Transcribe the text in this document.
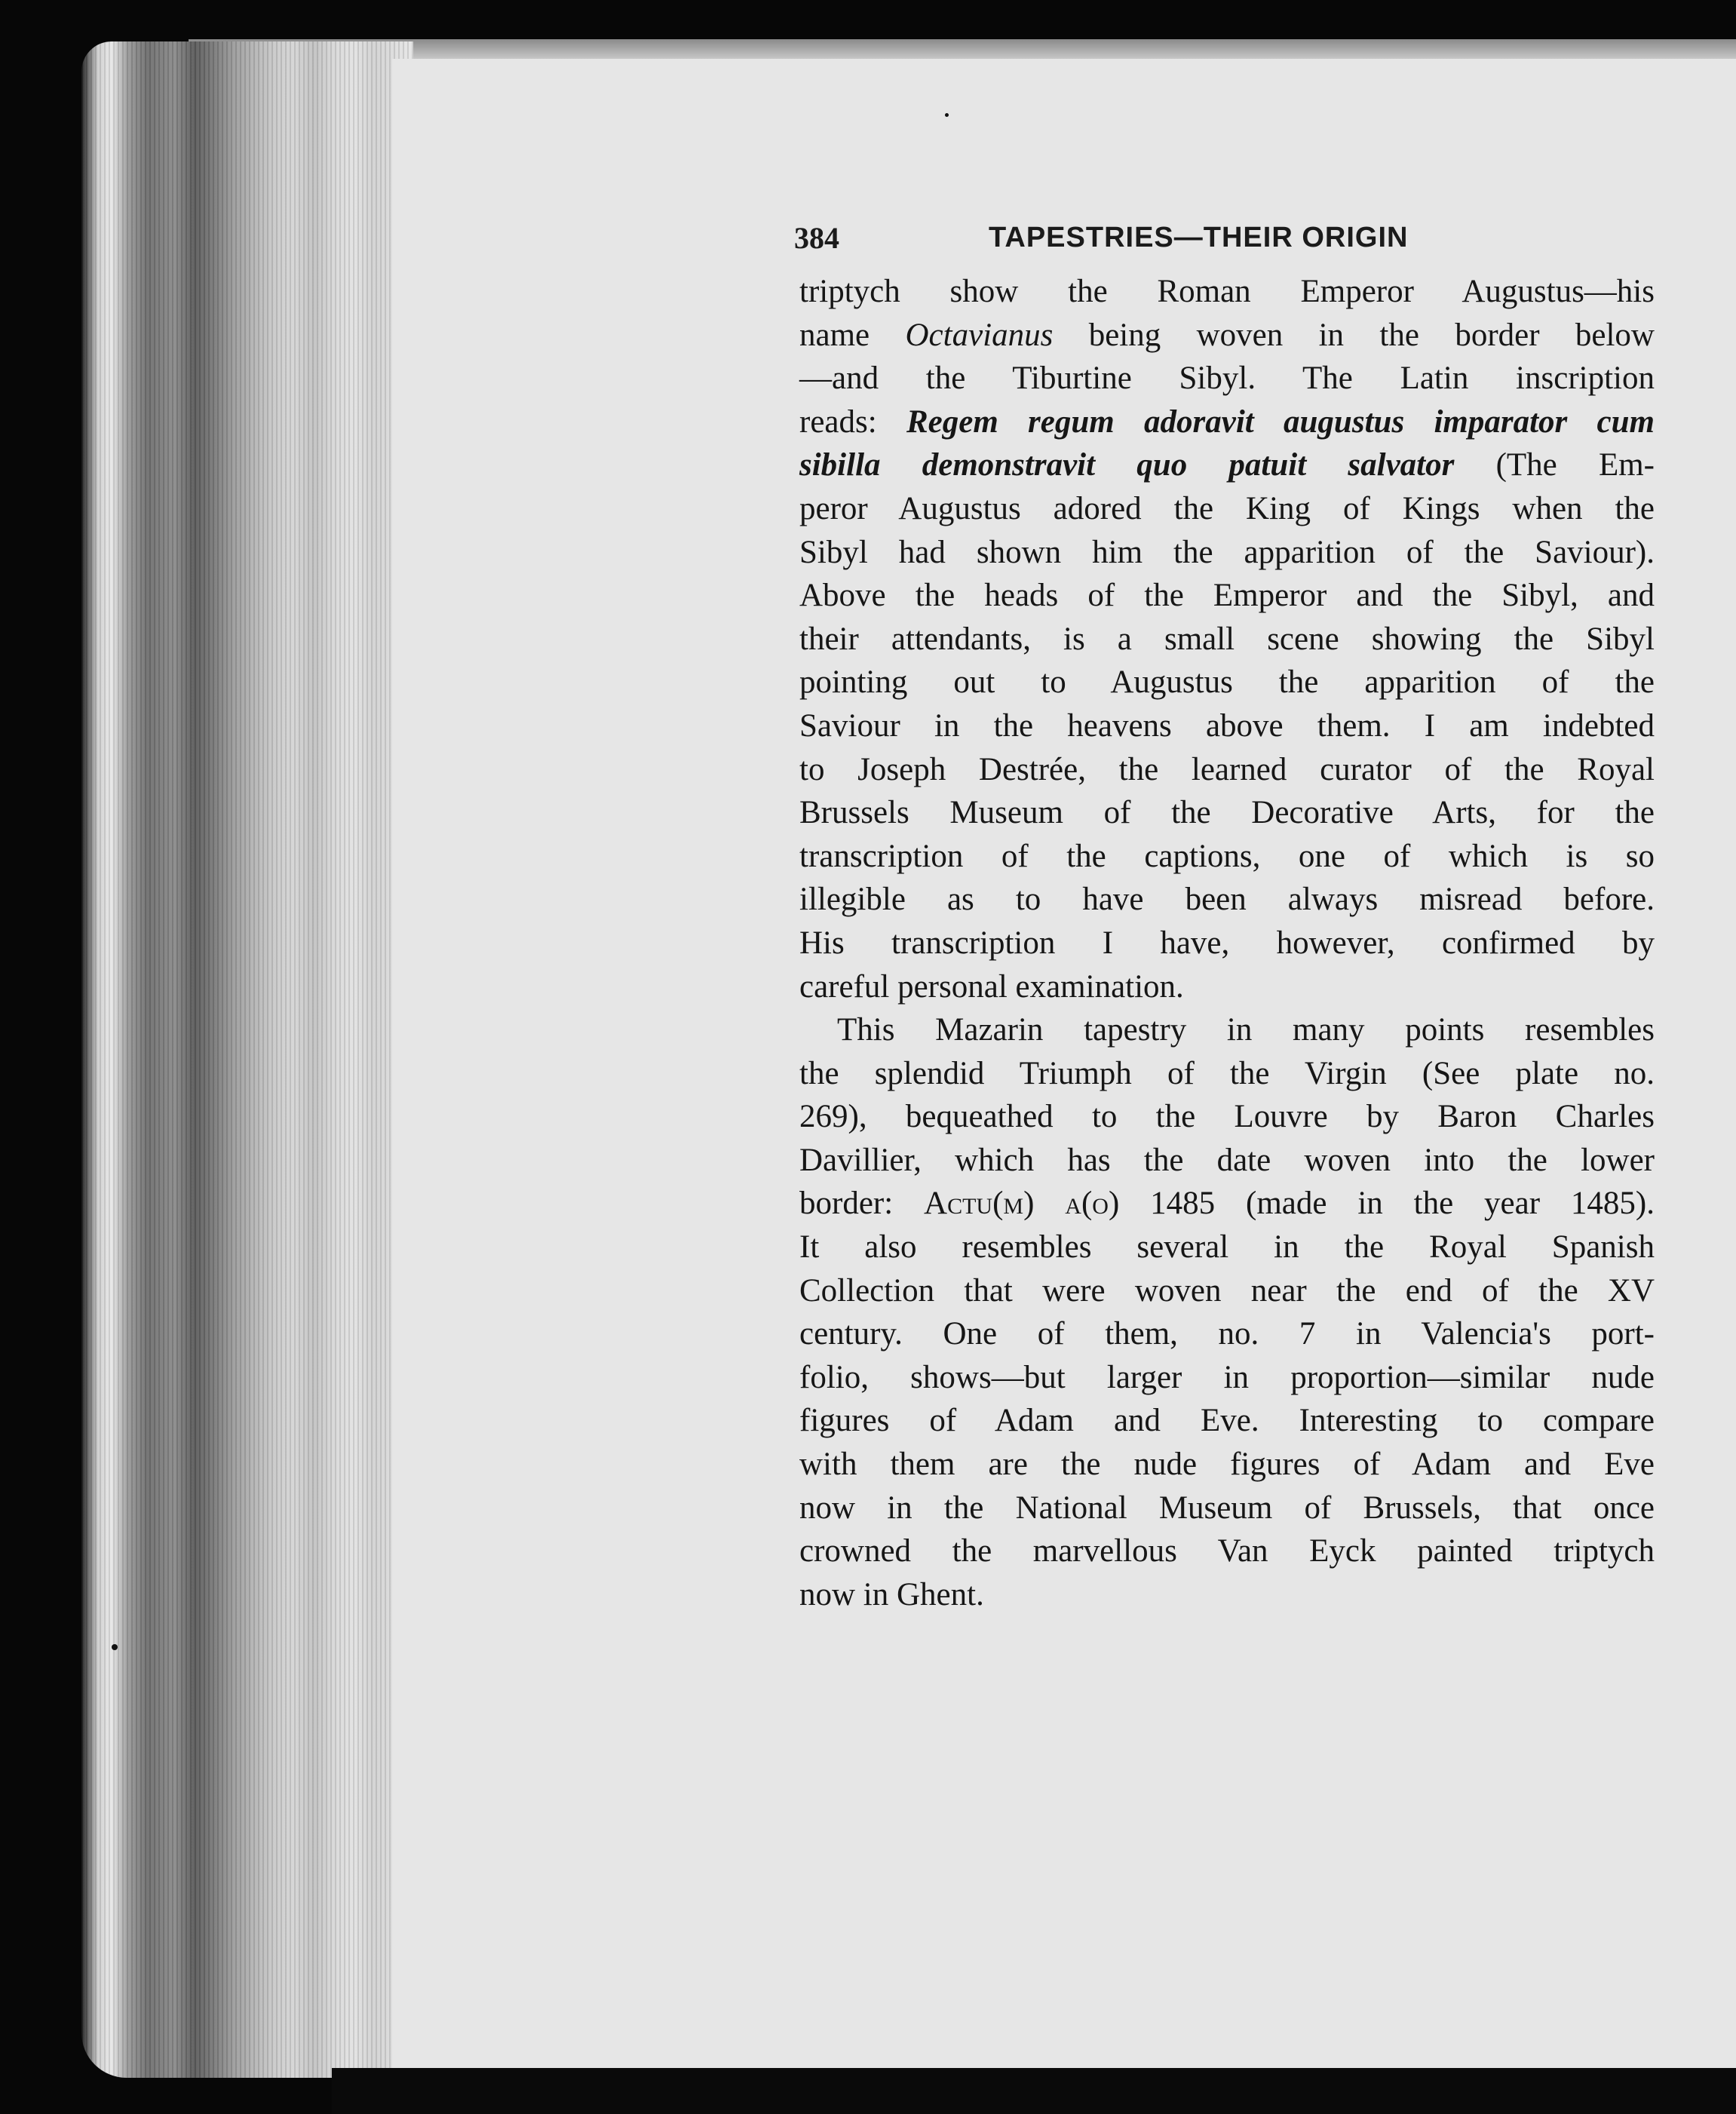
384	TAPESTRIES—THEIR ORIGIN
triptych show the Roman Emperor Augustus—his
name Octavianus being woven in the border below
—and the Tiburtine Sibyl. The Latin inscription
reads: Regem regum adoravit augustus imparator cum
sibilla demonstravit quo patuit salvator (The Em-
peror Augustus adored the King of Kings when the
Sibyl had shown him the apparition of the Saviour).
Above the heads of the Emperor and the Sibyl, and
their attendants, is a small scene showing the Sibyl
pointing out to Augustus the apparition of the
Saviour in the heavens above them. I am indebted
to Joseph Destrée, the learned curator of the Royal
Brussels Museum of the Decorative Arts, for the
transcription of the captions, one of which is so
illegible as to have been always misread before.
His transcription I have, however, confirmed by
careful personal examination.
This Mazarin tapestry in many points resembles
the splendid Triumph of the Virgin (See plate no.
269), bequeathed to the Louvre by Baron Charles
Davillier, which has the date woven into the lower
border: Actu(m) a(o) 1485 (made in the year 1485).
It also resembles several in the Royal Spanish
Collection that were woven near the end of the XV
century. One of them, no. 7 in Valencia's port-
folio, shows—but larger in proportion—similar nude
figures of Adam and Eve. Interesting to compare
with them are the nude figures of Adam and Eve
now in the National Museum of Brussels, that once
crowned the marvellous Van Eyck painted triptych
now in Ghent.
